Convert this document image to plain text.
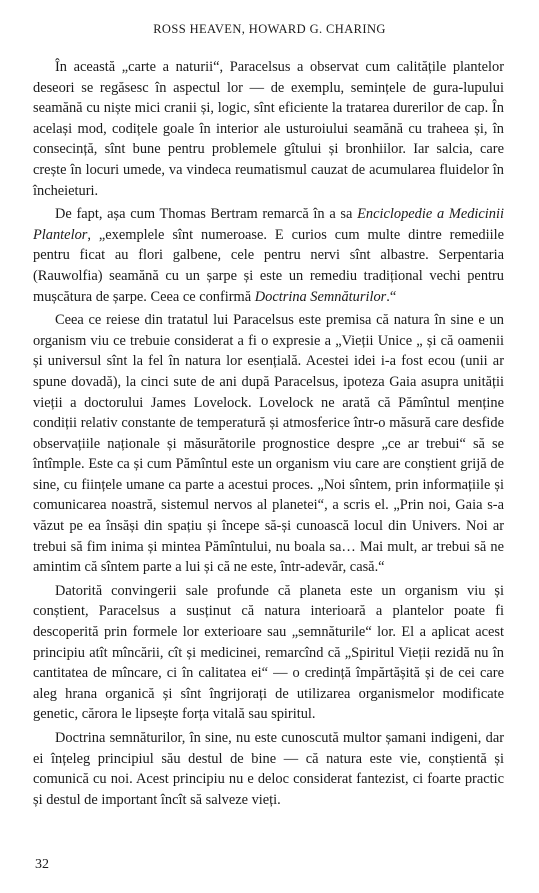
ROSS HEAVEN, HOWARD G. CHARING

În această „carte a naturii“, Paracelsus a observat cum calitățile plantelor deseori se regăsesc în aspectul lor — de exemplu, semințele de gura-lupului seamănă cu niște mici cranii și, logic, sînt eficiente la tratarea durerilor de cap. În același mod, codițele goale în interior ale usturoiului seamănă cu traheea și, în consecință, sînt bune pentru problemele gîtului și bronhiilor. Iar salcia, care crește în locuri umede, va vindeca reumatismul cauzat de acumularea fluidelor în încheieturi.

De fapt, așa cum Thomas Bertram remarcă în a sa Enciclopedie a Medicinii Plantelor, „exemplele sînt numeroase. E curios cum multe dintre remediile pentru ficat au flori galbene, cele pentru nervi sînt albastre. Serpentaria (Rauwolfia) seamănă cu un șarpe și este un remediu tradițional vechi pentru mușcătura de șarpe. Ceea ce confirmă Doctrina Semnăturilor.“

Ceea ce reiese din tratatul lui Paracelsus este premisa că natura în sine e un organism viu ce trebuie considerat a fi o expresie a „Vieții Unice „ și că oamenii și universul sînt la fel în natura lor esențială. Acestei idei i-a fost ecou (unii ar spune dovadă), la cinci sute de ani după Paracelsus, ipoteza Gaia asupra unității vieții a doctorului James Lovelock. Lovelock ne arată că Pămîntul menține condiții relativ constante de temperatură și atmosferice într-o măsură care desfide observațiile naționale și măsurătorile prognostice despre „ce ar trebui“ să se întîmple. Este ca și cum Pămîntul este un organism viu care are conștient grijă de sine, cu ființele umane ca parte a acestui proces. „Noi sîntem, prin informațiile și comunicarea noastră, sistemul nervos al planetei“, a scris el. „Prin noi, Gaia s-a văzut pe ea însăși din spațiu și începe să-și cunoască locul din Univers. Noi ar trebui să fim inima și mintea Pămîntului, nu boala sa… Mai mult, ar trebui să ne amintim că sîntem parte a lui și că ne este, într-adevăr, casă.“

Datorită convingerii sale profunde că planeta este un organism viu și conștient, Paracelsus a susținut că natura interioară a plantelor poate fi descoperită prin formele lor exterioare sau „semnăturile“ lor. El a aplicat acest principiu atît mîncării, cît și medicinei, remarcînd că „Spiritul Vieții rezidă nu în cantitatea de mîncare, ci în calitatea ei“ — o credință împărtășită și de cei care aleg hrana organică și sînt îngrijorați de utilizarea organismelor modificate genetic, cărora le lipsește forța vitală sau spiritul.

Doctrina semnăturilor, în sine, nu este cunoscută multor șamani indigeni, dar ei înțeleg principiul său destul de bine — că natura este vie, conștientă și comunică cu noi. Acest principiu nu e deloc considerat fantezist, ci foarte practic și destul de important încît să salveze vieți.

32
